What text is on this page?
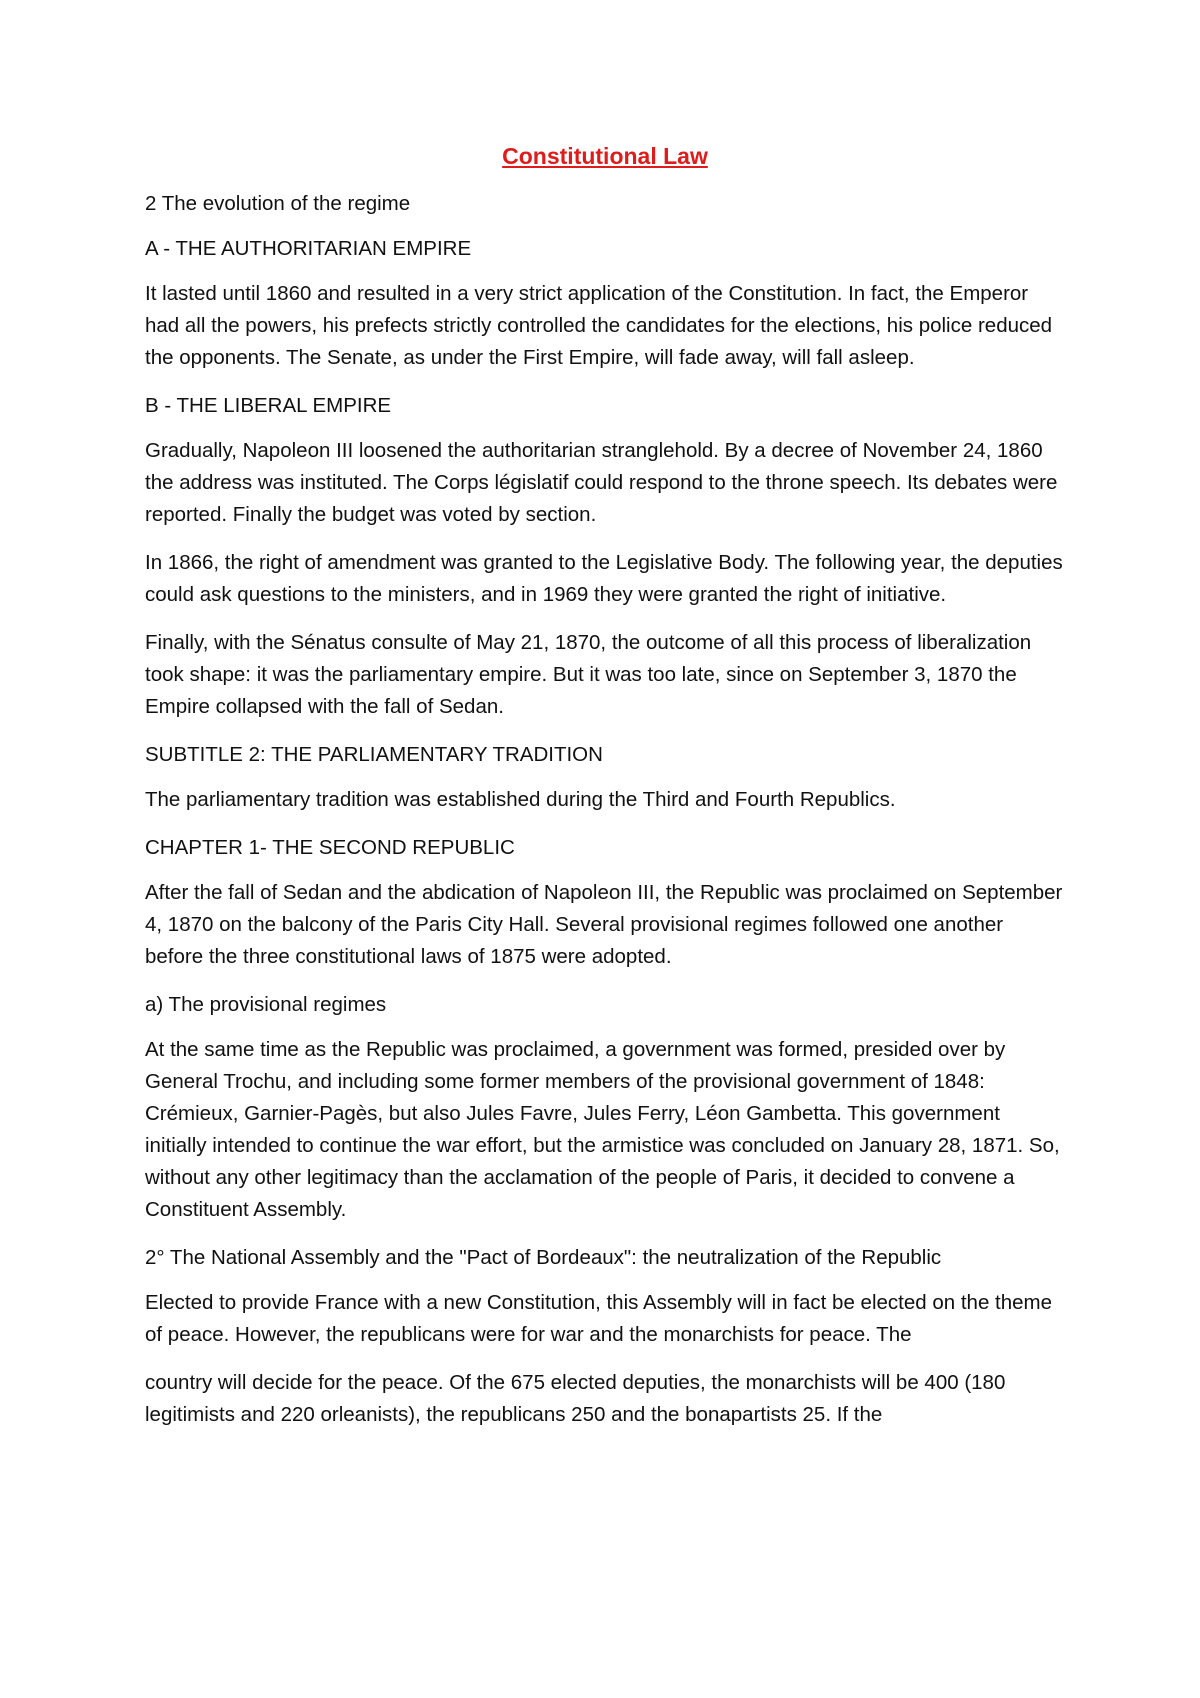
Constitutional Law

2 The evolution of the regime

A - THE AUTHORITARIAN EMPIRE

It lasted until 1860 and resulted in a very strict application of the Constitution. In fact, the Emperor had all the powers, his prefects strictly controlled the candidates for the elections, his police reduced the opponents. The Senate, as under the First Empire, will fade away, will fall asleep.

B - THE LIBERAL EMPIRE

Gradually, Napoleon III loosened the authoritarian stranglehold. By a decree of November 24, 1860 the address was instituted. The Corps législatif could respond to the throne speech. Its debates were reported. Finally the budget was voted by section.

In 1866, the right of amendment was granted to the Legislative Body. The following year, the deputies could ask questions to the ministers, and in 1969 they were granted the right of initiative.

Finally, with the Sénatus consulte of May 21, 1870, the outcome of all this process of liberalization took shape: it was the parliamentary empire. But it was too late, since on September 3, 1870 the Empire collapsed with the fall of Sedan.

SUBTITLE 2: THE PARLIAMENTARY TRADITION

The parliamentary tradition was established during the Third and Fourth Republics.

CHAPTER 1- THE SECOND REPUBLIC

After the fall of Sedan and the abdication of Napoleon III, the Republic was proclaimed on September 4, 1870 on the balcony of the Paris City Hall. Several provisional regimes followed one another before the three constitutional laws of 1875 were adopted.

a) The provisional regimes

At the same time as the Republic was proclaimed, a government was formed, presided over by General Trochu, and including some former members of the provisional government of 1848: Crémieux, Garnier-Pagès, but also Jules Favre, Jules Ferry, Léon Gambetta. This government initially intended to continue the war effort, but the armistice was concluded on January 28, 1871. So, without any other legitimacy than the acclamation of the people of Paris, it decided to convene a Constituent Assembly.

2° The National Assembly and the "Pact of Bordeaux": the neutralization of the Republic

Elected to provide France with a new Constitution, this Assembly will in fact be elected on the theme of peace. However, the republicans were for war and the monarchists for peace. The

country will decide for the peace. Of the 675 elected deputies, the monarchists will be 400 (180 legitimists and 220 orleanists), the republicans 250 and the bonapartists 25. If the
